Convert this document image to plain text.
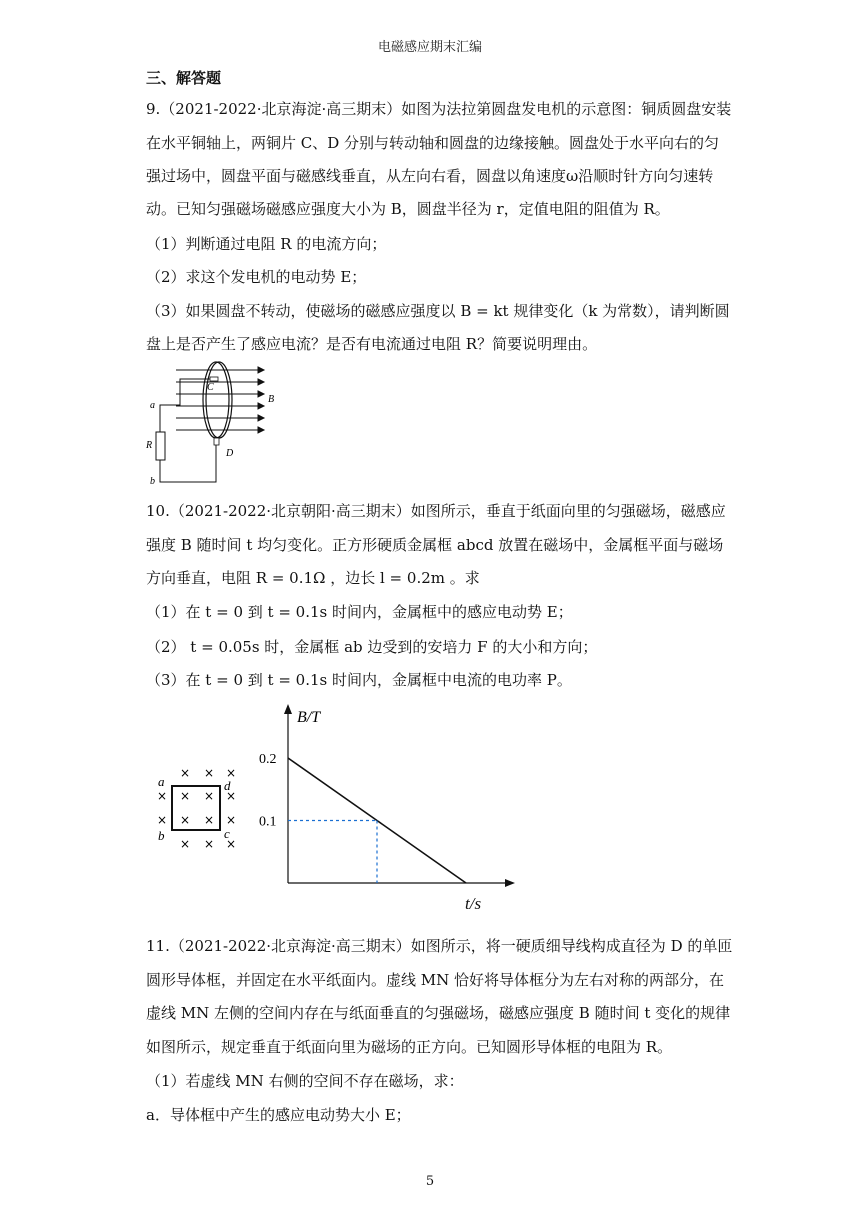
电磁感应期末汇编
三、解答题
9.（2021-2022·北京海淀·高三期末）如图为法拉第圆盘发电机的示意图：铜质圆盘安装
在水平铜轴上，两铜片 C、D 分别与转动轴和圆盘的边缘接触。圆盘处于水平向右的匀
强过场中，圆盘平面与磁感线垂直，从左向右看，圆盘以角速度ω沿顺时针方向匀速转
动。已知匀强磁场磁感应强度大小为 B，圆盘半径为 r，定值电阻的阻值为 R。
（1）判断通过电阻 R 的电流方向；
（2）求这个发电机的电动势 E；
（3）如果圆盘不转动，使磁场的磁感应强度以 B = kt 规律变化（k 为常数），请判断圆
盘上是否产生了感应电流？是否有电流通过电阻 R？简要说明理由。
a
R
b
C
D
B
10.（2021-2022·北京朝阳·高三期末）如图所示，垂直于纸面向里的匀强磁场，磁感应
强度 B 随时间 t 均匀变化。正方形硬质金属框 abcd 放置在磁场中，金属框平面与磁场
方向垂直，电阻 R = 0.1Ω ，边长 l = 0.2m 。求
（1）在 t = 0 到 t = 0.1s 时间内，金属框中的感应电动势 E；
（2） t = 0.05s 时，金属框 ab 边受到的安培力 F 的大小和方向；
（3）在 t = 0 到 t = 0.1s 时间内，金属框中电流的电功率 P。
× × ×
× × × ×
× × × ×
× × ×
a
b	c
d
B/T
0.1
0.2
t/s
11.（2021-2022·北京海淀·高三期末）如图所示，将一硬质细导线构成直径为 D 的单匝
圆形导体框，并固定在水平纸面内。虚线 MN 恰好将导体框分为左右对称的两部分，在
虚线 MN 左侧的空间内存在与纸面垂直的匀强磁场，磁感应强度 B 随时间 t 变化的规律
如图所示，规定垂直于纸面向里为磁场的正方向。已知圆形导体框的电阻为 R。
（1）若虚线 MN 右侧的空间不存在磁场，求：
a．导体框中产生的感应电动势大小 E；
5
